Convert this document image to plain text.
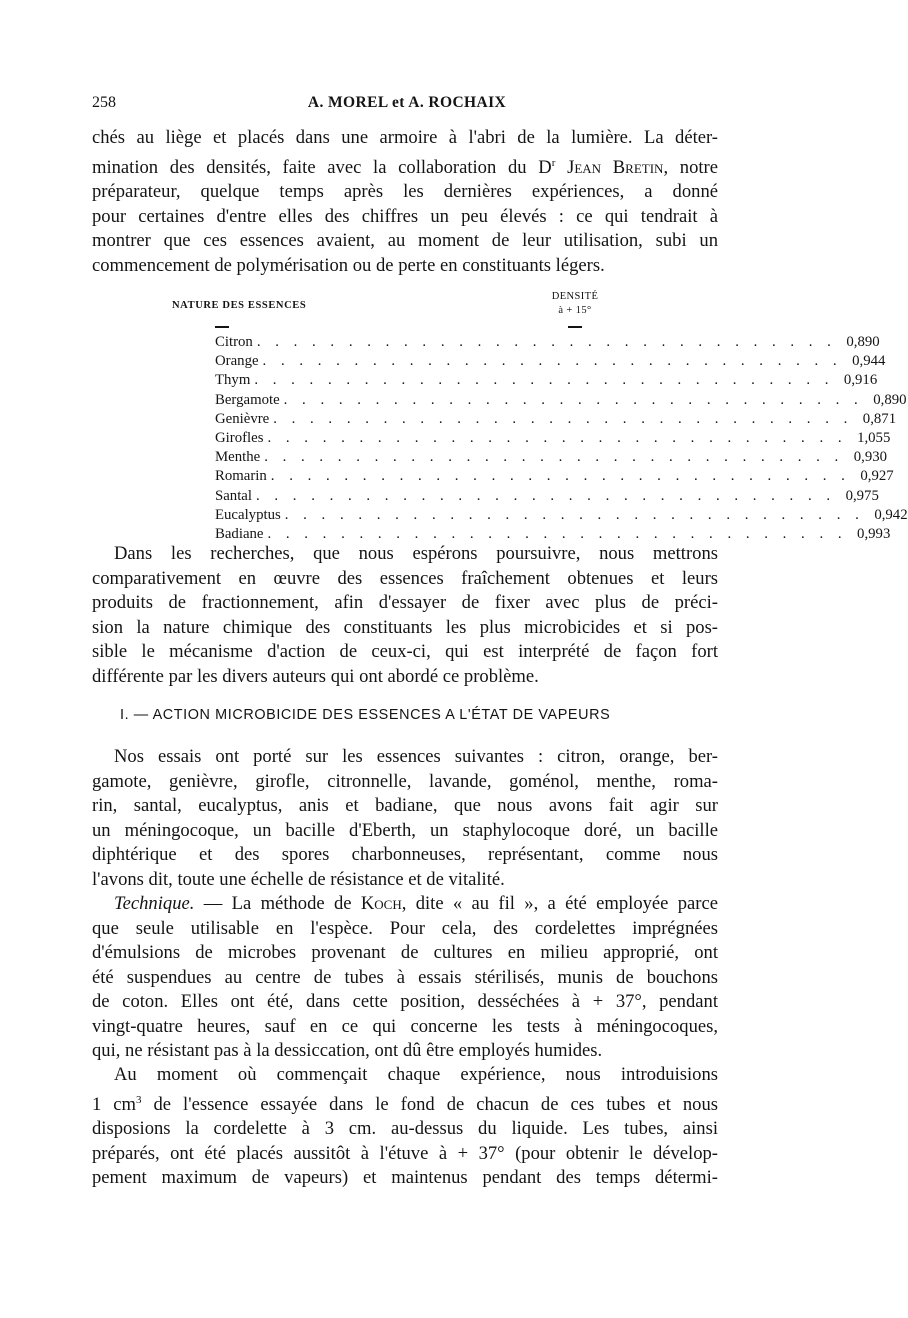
258	A. MOREL et A. ROCHAIX
chés au liège et placés dans une armoire à l'abri de la lumière. La déter-
mination des densités, faite avec la collaboration du $D^r$ Jean Bretin, notre
préparateur, quelque temps après les dernières expériences, a donné
pour certaines d'entre elles des chiffres un peu élevés : ce qui tendrait à
montrer que ces essences avaient, au moment de leur utilisation, subi un
commencement de polymérisation ou de perte en constituants légers.
NATURE DES ESSENCES
DENSITÉ
à + 15°
Citron . . . . . . . . . . . . . . . . . . . . . . . . . . . . . . . . 0,890
Orange . . . . . . . . . . . . . . . . . . . . . . . . . . . . . . . . 0,944
Thym . . . . . . . . . . . . . . . . . . . . . . . . . . . . . . . . 0,916
Bergamote . . . . . . . . . . . . . . . . . . . . . . . . . . . . . . . . 0,890
Genièvre . . . . . . . . . . . . . . . . . . . . . . . . . . . . . . . . 0,871
Girofles . . . . . . . . . . . . . . . . . . . . . . . . . . . . . . . . 1,055
Menthe . . . . . . . . . . . . . . . . . . . . . . . . . . . . . . . . 0,930
Romarin . . . . . . . . . . . . . . . . . . . . . . . . . . . . . . . . 0,927
Santal . . . . . . . . . . . . . . . . . . . . . . . . . . . . . . . . 0,975
Eucalyptus . . . . . . . . . . . . . . . . . . . . . . . . . . . . . . . . 0,942
Badiane . . . . . . . . . . . . . . . . . . . . . . . . . . . . . . . . 0,993
Dans les recherches, que nous espérons poursuivre, nous mettrons
comparativement en œuvre des essences fraîchement obtenues et leurs
produits de fractionnement, afin d'essayer de fixer avec plus de préci-
sion la nature chimique des constituants les plus microbicides et si pos-
sible le mécanisme d'action de ceux-ci, qui est interprété de façon fort
différente par les divers auteurs qui ont abordé ce problème.
I. — ACTION MICROBICIDE DES ESSENCES A L'ÉTAT DE VAPEURS
Nos essais ont porté sur les essences suivantes : citron, orange, ber-
gamote, genièvre, girofle, citronnelle, lavande, goménol, menthe, roma-
rin, santal, eucalyptus, anis et badiane, que nous avons fait agir sur
un méningocoque, un bacille d'Eberth, un staphylocoque doré, un bacille
diphtérique et des spores charbonneuses, représentant, comme nous
l'avons dit, toute une échelle de résistance et de vitalité.
Technique. — La méthode de Koch, dite « au fil », a été employée parce
que seule utilisable en l'espèce. Pour cela, des cordelettes imprégnées
d'émulsions de microbes provenant de cultures en milieu approprié, ont
été suspendues au centre de tubes à essais stérilisés, munis de bouchons
de coton. Elles ont été, dans cette position, desséchées à + 37°, pendant
vingt-quatre heures, sauf en ce qui concerne les tests à méningocoques,
qui, ne résistant pas à la dessiccation, ont dû être employés humides.
Au moment où commençait chaque expérience, nous introduisions
1 $cm^3$ de l'essence essayée dans le fond de chacun de ces tubes et nous
disposions la cordelette à 3 cm. au-dessus du liquide. Les tubes, ainsi
préparés, ont été placés aussitôt à l'étuve à + 37° (pour obtenir le dévelop-
pement maximum de vapeurs) et maintenus pendant des temps détermi-
